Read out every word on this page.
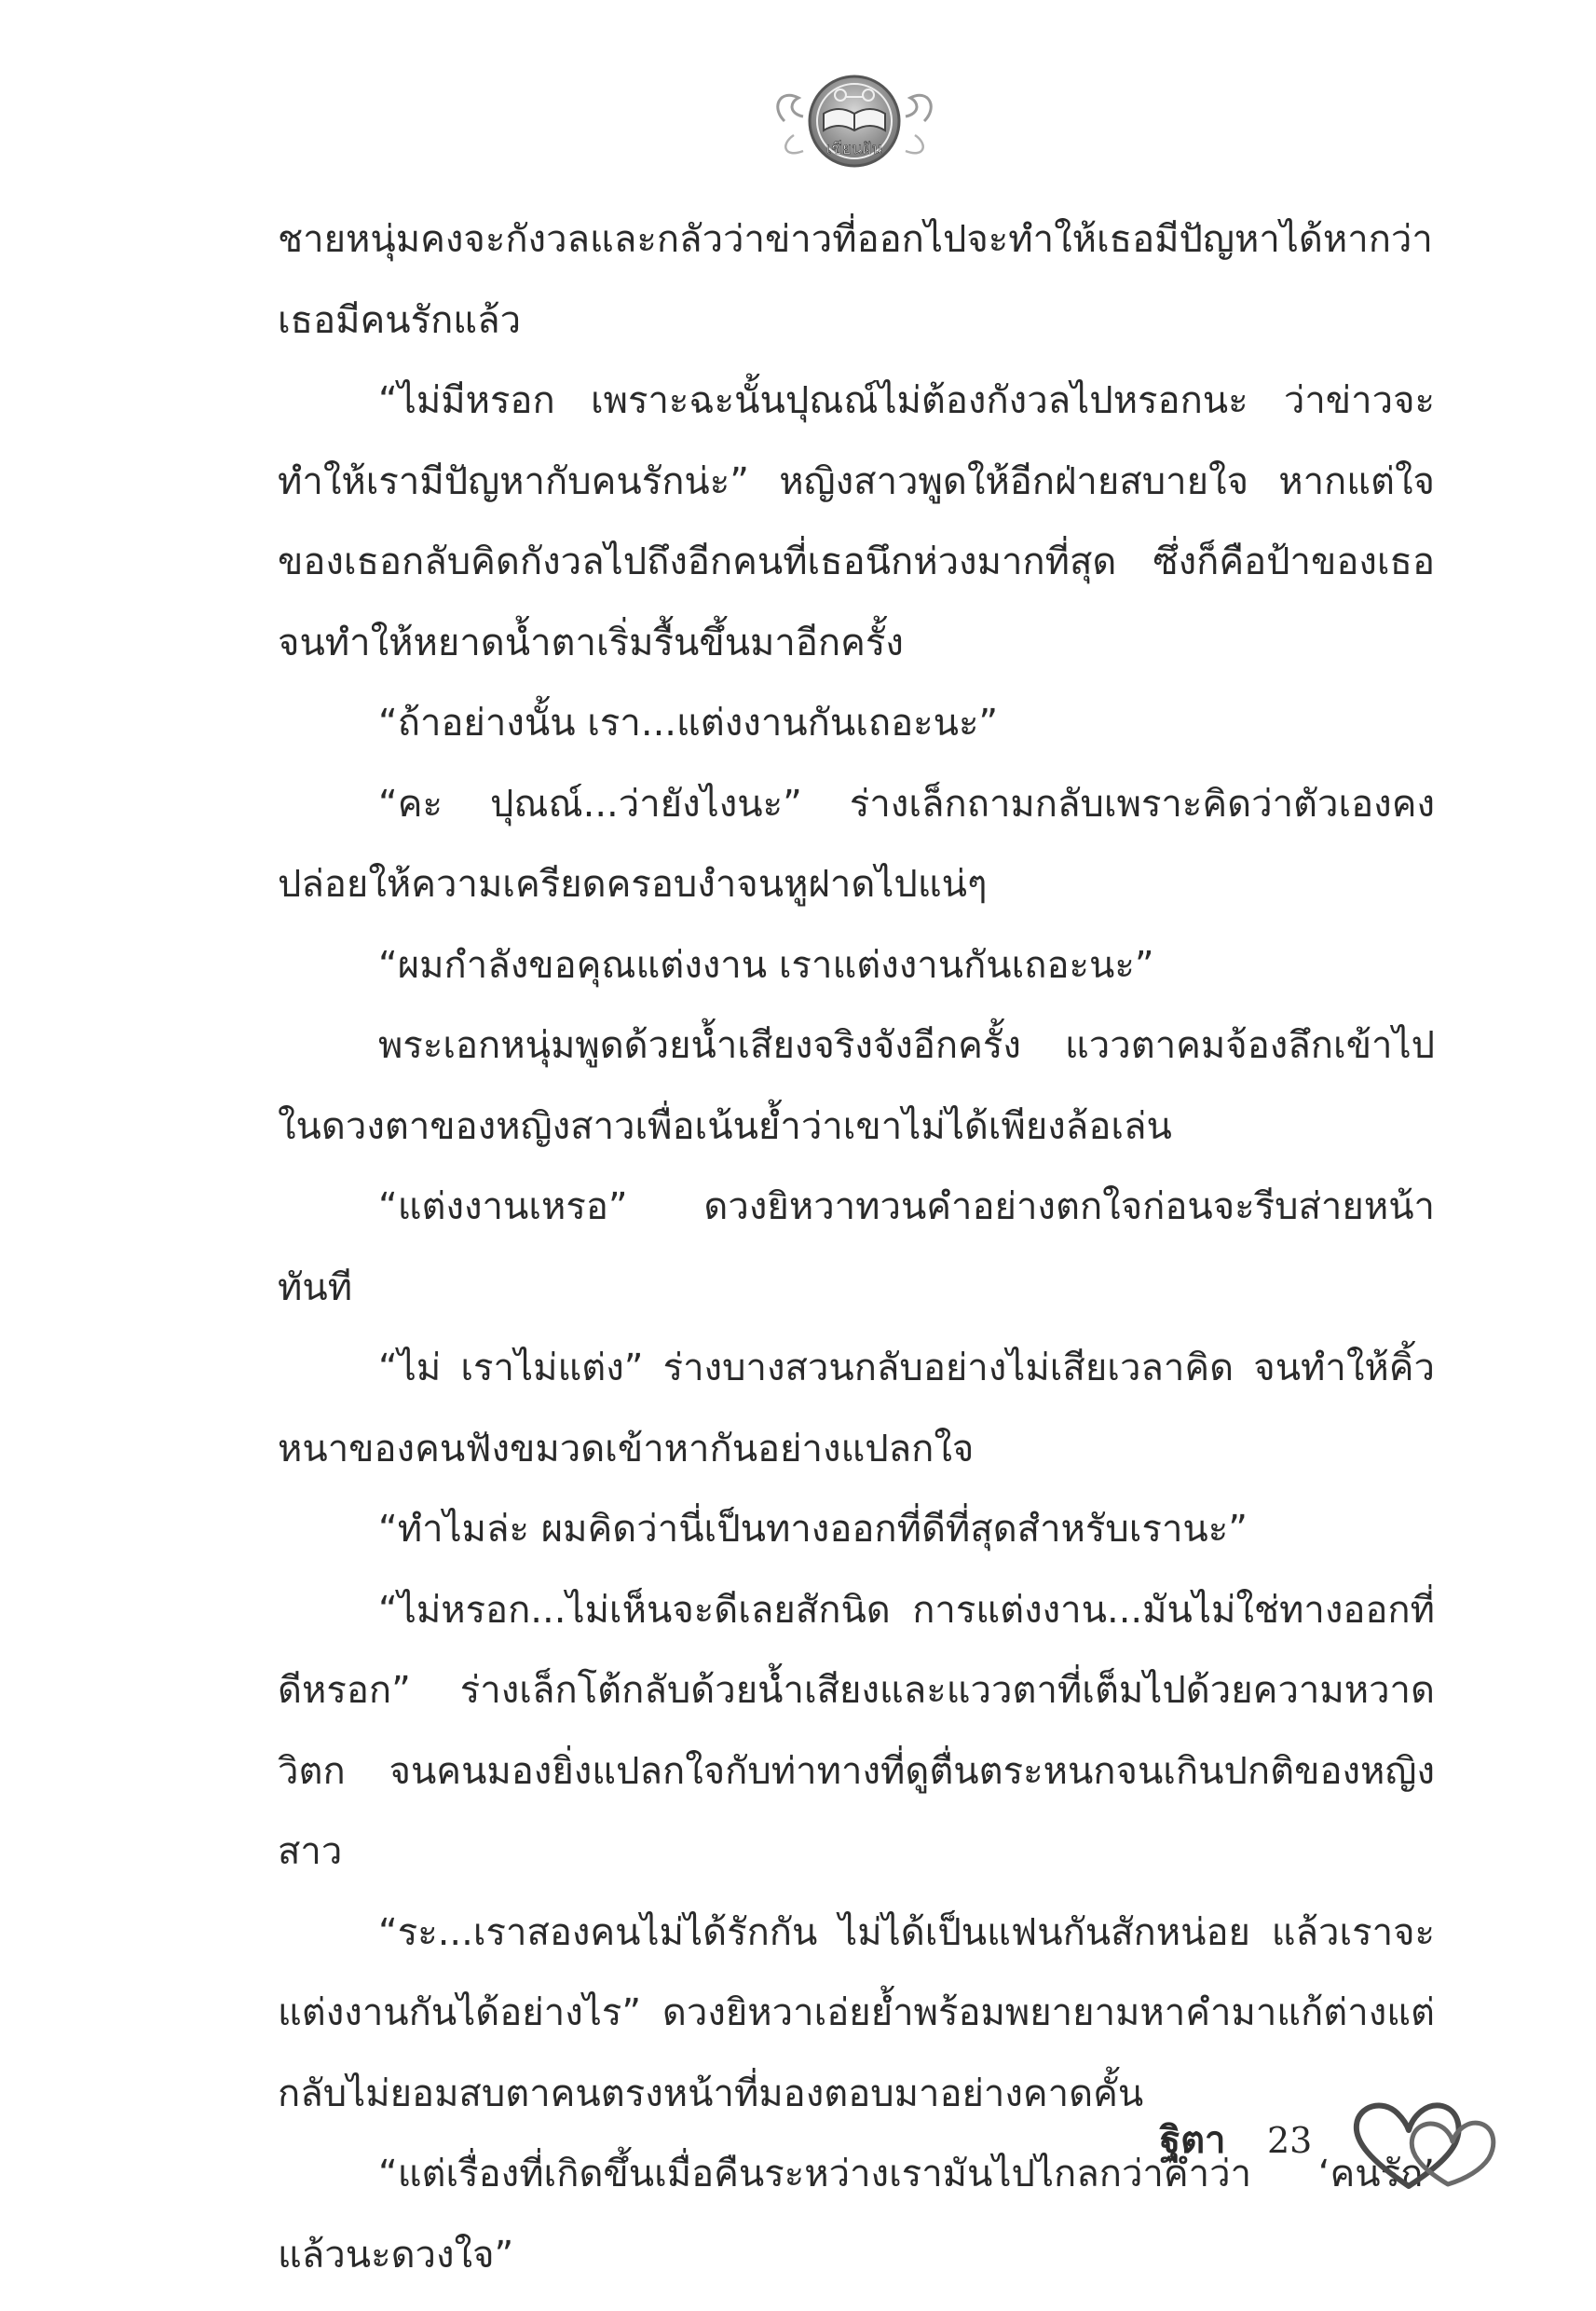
เขียนฝัน

ชายหนุ่มคงจะกังวลและกลัวว่าข่าวที่ออกไปจะทำให้เธอมีปัญหาได้หากว่าเธอมีคนรักแล้ว

“ไม่มีหรอก เพราะฉะนั้นปุณณ์ไม่ต้องกังวลไปหรอกนะ ว่าข่าวจะทำให้เรามีปัญหากับคนรักน่ะ” หญิงสาวพูดให้อีกฝ่ายสบายใจ หากแต่ใจของเธอกลับคิดกังวลไปถึงอีกคนที่เธอนึกห่วงมากที่สุด ซึ่งก็คือป้าของเธอ จนทำให้หยาดน้ำตาเริ่มรื้นขึ้นมาอีกครั้ง

“ถ้าอย่างนั้น เรา...แต่งงานกันเถอะนะ”

“คะ ปุณณ์...ว่ายังไงนะ” ร่างเล็กถามกลับเพราะคิดว่าตัวเองคงปล่อยให้ความเครียดครอบงำจนหูฝาดไปแน่ๆ

“ผมกำลังขอคุณแต่งงาน เราแต่งงานกันเถอะนะ”

พระเอกหนุ่มพูดด้วยน้ำเสียงจริงจังอีกครั้ง แววตาคมจ้องลึกเข้าไปในดวงตาของหญิงสาวเพื่อเน้นย้ำว่าเขาไม่ได้เพียงล้อเล่น

“แต่งงานเหรอ” ดวงยิหวาทวนคำอย่างตกใจก่อนจะรีบส่ายหน้าทันที

“ไม่ เราไม่แต่ง” ร่างบางสวนกลับอย่างไม่เสียเวลาคิด จนทำให้คิ้วหนาของคนฟังขมวดเข้าหากันอย่างแปลกใจ

“ทำไมล่ะ ผมคิดว่านี่เป็นทางออกที่ดีที่สุดสำหรับเรานะ”

“ไม่หรอก...ไม่เห็นจะดีเลยสักนิด การแต่งงาน...มันไม่ใช่ทางออกที่ดีหรอก” ร่างเล็กโต้กลับด้วยน้ำเสียงและแววตาที่เต็มไปด้วยความหวาดวิตก จนคนมองยิ่งแปลกใจกับท่าทางที่ดูตื่นตระหนกจนเกินปกติของหญิงสาว

“ระ...เราสองคนไม่ได้รักกัน ไม่ได้เป็นแฟนกันสักหน่อย แล้วเราจะแต่งงานกันได้อย่างไร” ดวงยิหวาเอ่ยย้ำพร้อมพยายามหาคำมาแก้ต่างแต่กลับไม่ยอมสบตาคนตรงหน้าที่มองตอบมาอย่างคาดคั้น

“แต่เรื่องที่เกิดขึ้นเมื่อคืนระหว่างเรามันไปไกลกว่าคำว่า ‘คนรัก’ แล้วนะดวงใจ”

ฐิตา 23
